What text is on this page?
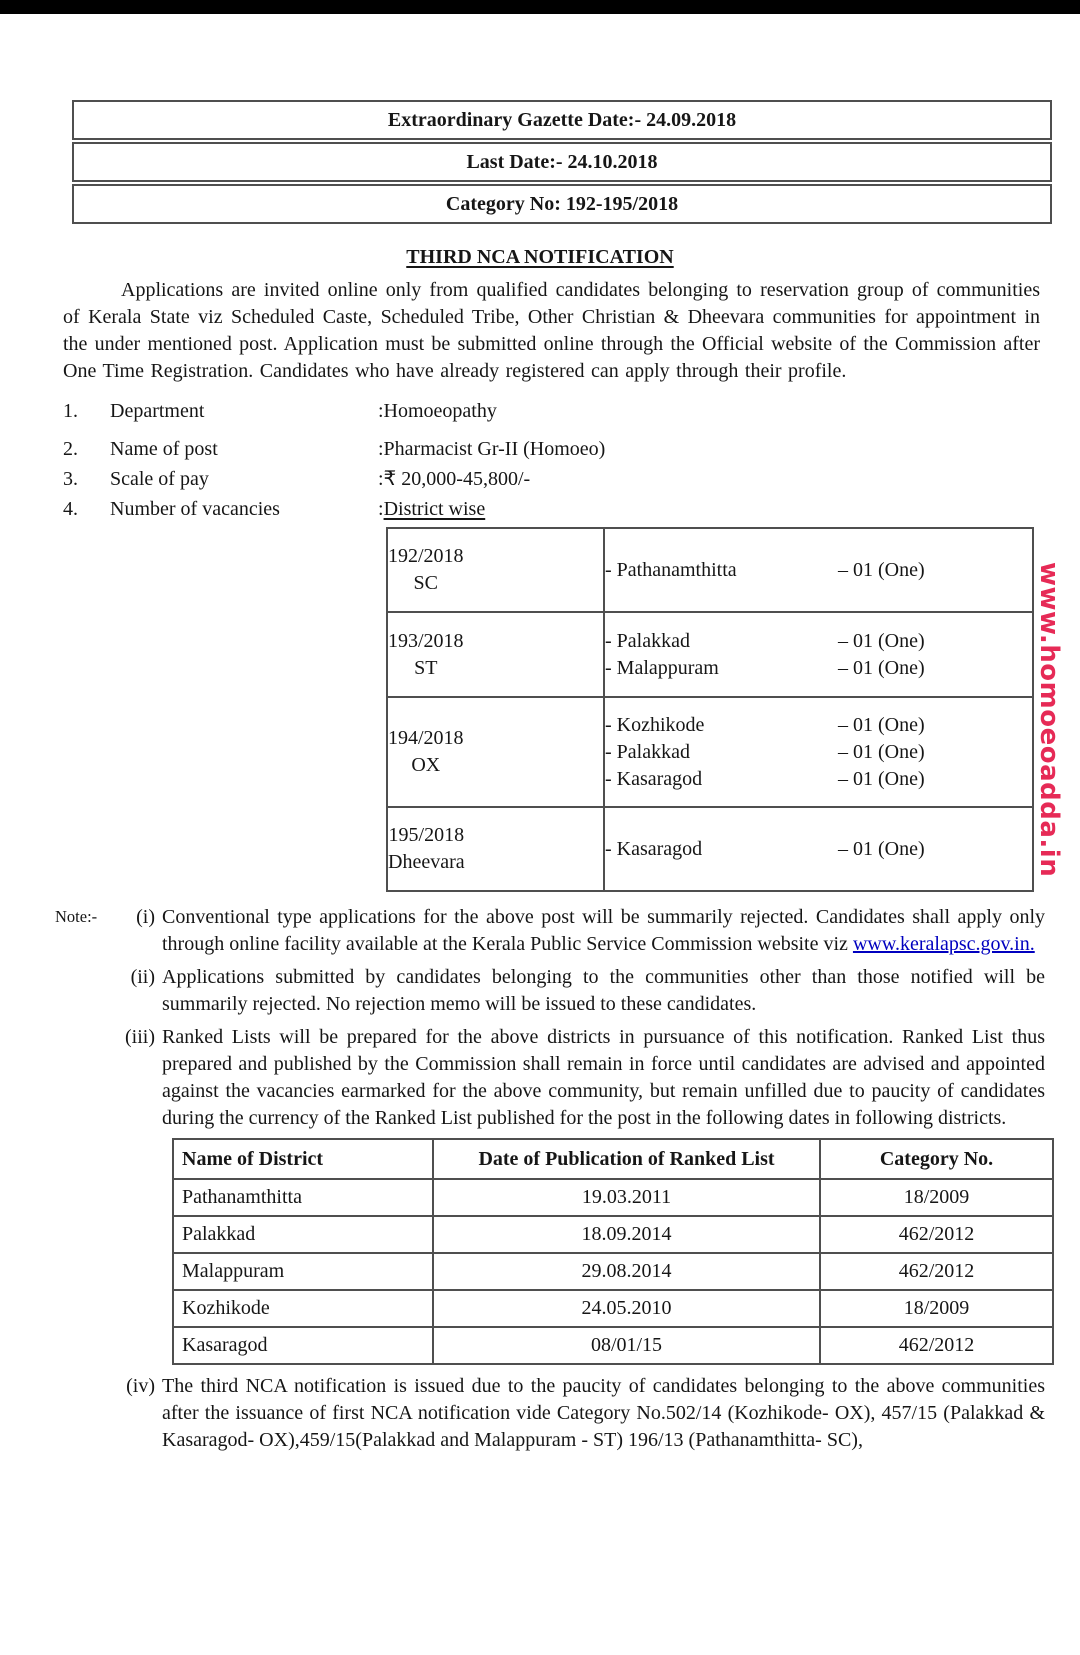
Extraordinary Gazette Date:- 24.09.2018
Last Date:- 24.10.2018
Category No: 192-195/2018
THIRD NCA NOTIFICATION

Applications are invited online only from qualified candidates belonging to reservation group of communities of Kerala State viz Scheduled Caste, Scheduled Tribe, Other Christian & Dheevara communities for appointment in the under mentioned post. Application must be submitted online through the Official website of the Commission after One Time Registration. Candidates who have already registered can apply through their profile.

1.	Department	:Homoeopathy
2.	Name of post	:Pharmacist Gr-II (Homoeo)
3.	Scale of pay	:₹ 20,000-45,800/-
4.	Number of vacancies	:District wise
192/2018
SC

- Pathanamthitta	– 01 (One)

193/2018
ST

- Palakkad	– 01 (One)
- Malappuram	– 01 (One)

194/2018
OX

- Kozhikode	– 01 (One)
- Palakkad	– 01 (One)
- Kasaragod	– 01 (One)

195/2018
Dheevara

- Kasaragod	– 01 (One)
Note:-	(i) Conventional type applications for the above post will be summarily rejected. Candidates shall apply only through online facility available at the Kerala Public Service Commission website viz www.keralapsc.gov.in.
(ii) Applications submitted by candidates belonging to the communities other than those notified will be summarily rejected. No rejection memo will be issued to these candidates.
(iii) Ranked Lists will be prepared for the above districts in pursuance of this notification. Ranked List thus prepared and published by the Commission shall remain in force until candidates are advised and appointed against the vacancies earmarked for the above community, but remain unfilled due to paucity of candidates during the currency of the Ranked List published for the post in the following dates in following districts.
Name of District	Date of Publication of Ranked List	Category No.
Pathanamthitta	19.03.2011	18/2009
Palakkad	18.09.2014	462/2012
Malappuram	29.08.2014	462/2012
Kozhikode	24.05.2010	18/2009
Kasaragod	08/01/15	462/2012
(iv) The third NCA notification is issued due to the paucity of candidates belonging to the above communities after the issuance of first NCA notification vide Category No.502/14 (Kozhikode- OX), 457/15 (Palakkad & Kasaragod- OX),459/15(Palakkad and Malappuram - ST) 196/13 (Pathanamthitta- SC),
www.homoeoadda.in
